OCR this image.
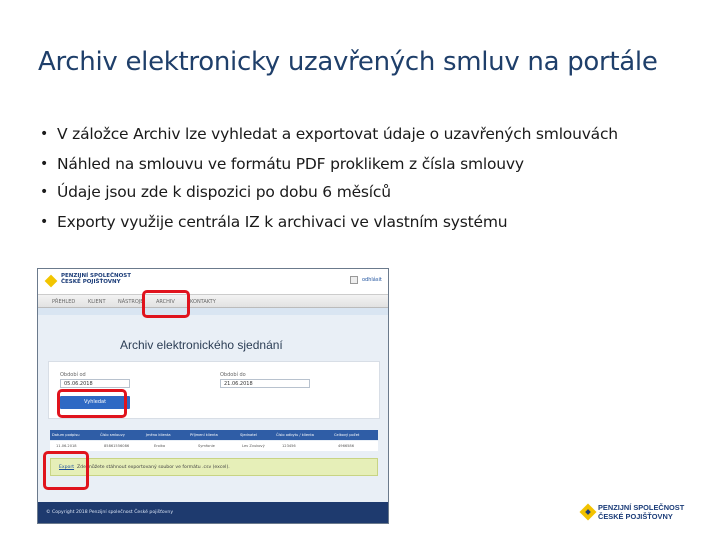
Archiv elektronicky uzavřených smluv na portále
• V záložce Archiv lze vyhledat a exportovat údaje o uzavřených smlouvách
• Náhled na smlouvu ve formátu PDF proklikem z čísla smlouvy
• Údaje jsou zde k dispozici po dobu 6 měsíců
• Exporty využije centrála IZ k archivaci ve vlastním systému
PENZIJNÍ SPOLEČNOST
ČESKÉ POJIŠŤOVNY	odhlásit
PŘEHLED	KLIENT	NÁSTROJE	ARCHIV	KONTAKTY
Archiv elektronického sjednání
Období od
05.06.2018
Období do
21.06.2018
Vyhledat
Datum podpisu	Číslo smlouvy	Jméno klienta	Příjmení klienta	Sjednatel	Číslo odbytu / klienta	Celkový počet
11.06.2018	85861556086	Eroika	Symfonie	Lev Zvukový	123456	4966586
Export Zde můžete stáhnout exportovaný soubor ve formátu .csv (excel).
© Copyright 2018 Penzijní společnost České pojišťovny
PENZIJNÍ SPOLEČNOST
ČESKÉ POJIŠŤOVNY
